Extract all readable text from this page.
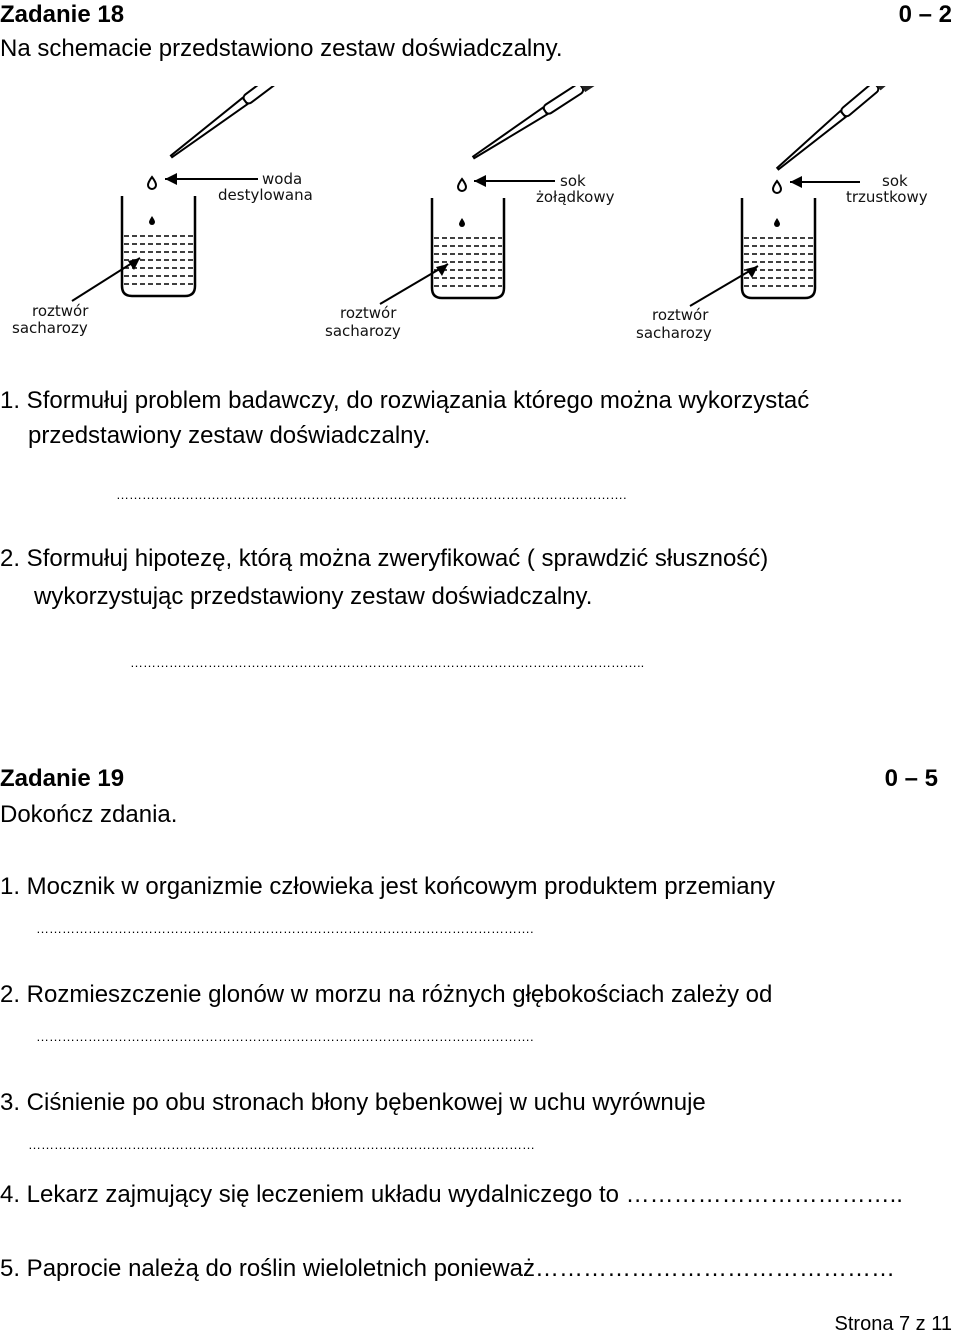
Zadanie 18	0 – 2
Na schemacie przedstawiono zestaw doświadczalny.
woda
destylowana
roztwór
sacharozy
sok
żołądkowy
roztwór
sacharozy
sok
trzustkowy
roztwór
sacharozy
1. Sformułuj problem badawczy, do rozwiązania którego można wykorzystać
przedstawiony zestaw doświadczalny.
……………………………………………………………………………………………………….
2. Sformułuj hipotezę, którą można zweryfikować ( sprawdzić słuszność)
wykorzystując przedstawiony zestaw doświadczalny.
………………………………………………………………………………………………………..
Zadanie 19	0 – 5
Dokończ zdania.
1. Mocznik w organizmie człowieka jest końcowym produktem przemiany
…………………………………………………………………………………………………….
2. Rozmieszczenie glonów w morzu na różnych głębokościach zależy od
…………………………………………………………………………………………………….
3. Ciśnienie po obu stronach błony bębenkowej w uchu wyrównuje
………………………………………………………………………………………………………
4. Lekarz zajmujący się leczeniem układu wydalniczego to ……………………………..
5. Paprocie należą do roślin wieloletnich ponieważ………………………………………
Strona 7 z 11
